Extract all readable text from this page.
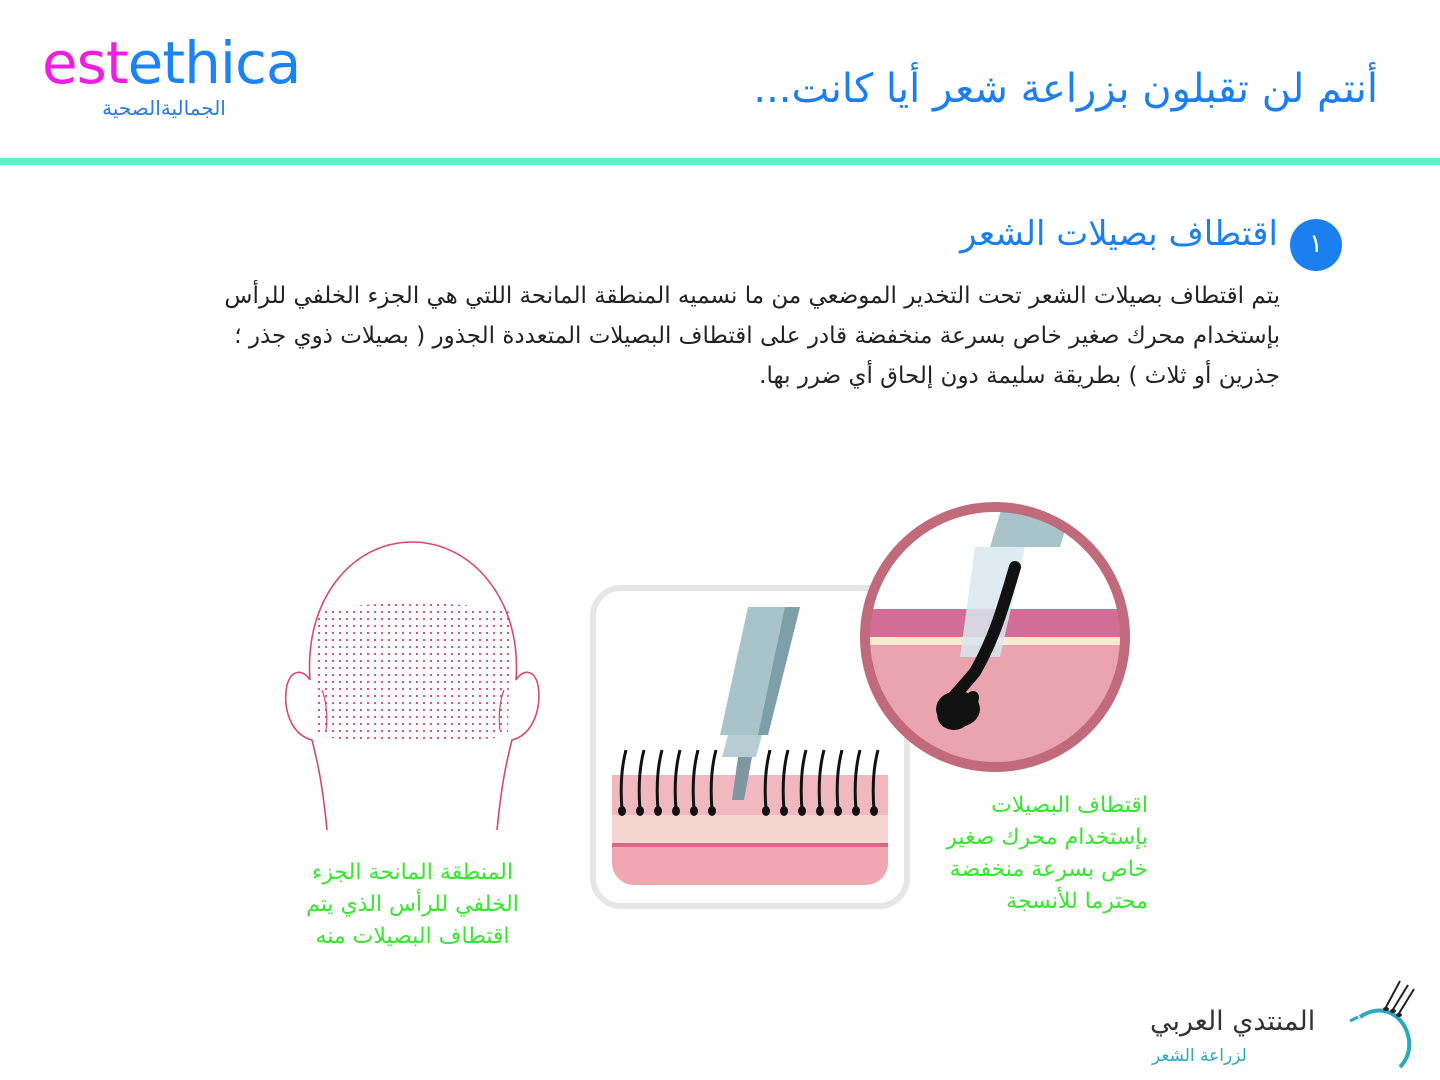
estethica
الجماليةالصحية	أنتم لن تقبلون بزراعة شعر أيا كانت...
١
اقتطاف بصيلات الشعر
يتم اقتطاف بصيلات الشعر تحت التخدير الموضعي من ما نسميه المنطقة المانحة اللتي هي الجزء الخلفي للرأس بإستخدام محرك صغير خاص بسرعة منخفضة قادر على اقتطاف البصيلات المتعددة الجذور ( بصيلات ذوي جذر ؛ جذرين أو ثلاث ) بطريقة سليمة دون إلحاق أي ضرر بها.
المنطقة المانحة الجزء الخلفي للرأس الذي يتم اقتطاف البصيلات منه
اقتطاف البصيلات بإستخدام محرك صغير خاص بسرعة منخفضة محترما للأنسجة
المنتدي العربي
لزراعة الشعر
